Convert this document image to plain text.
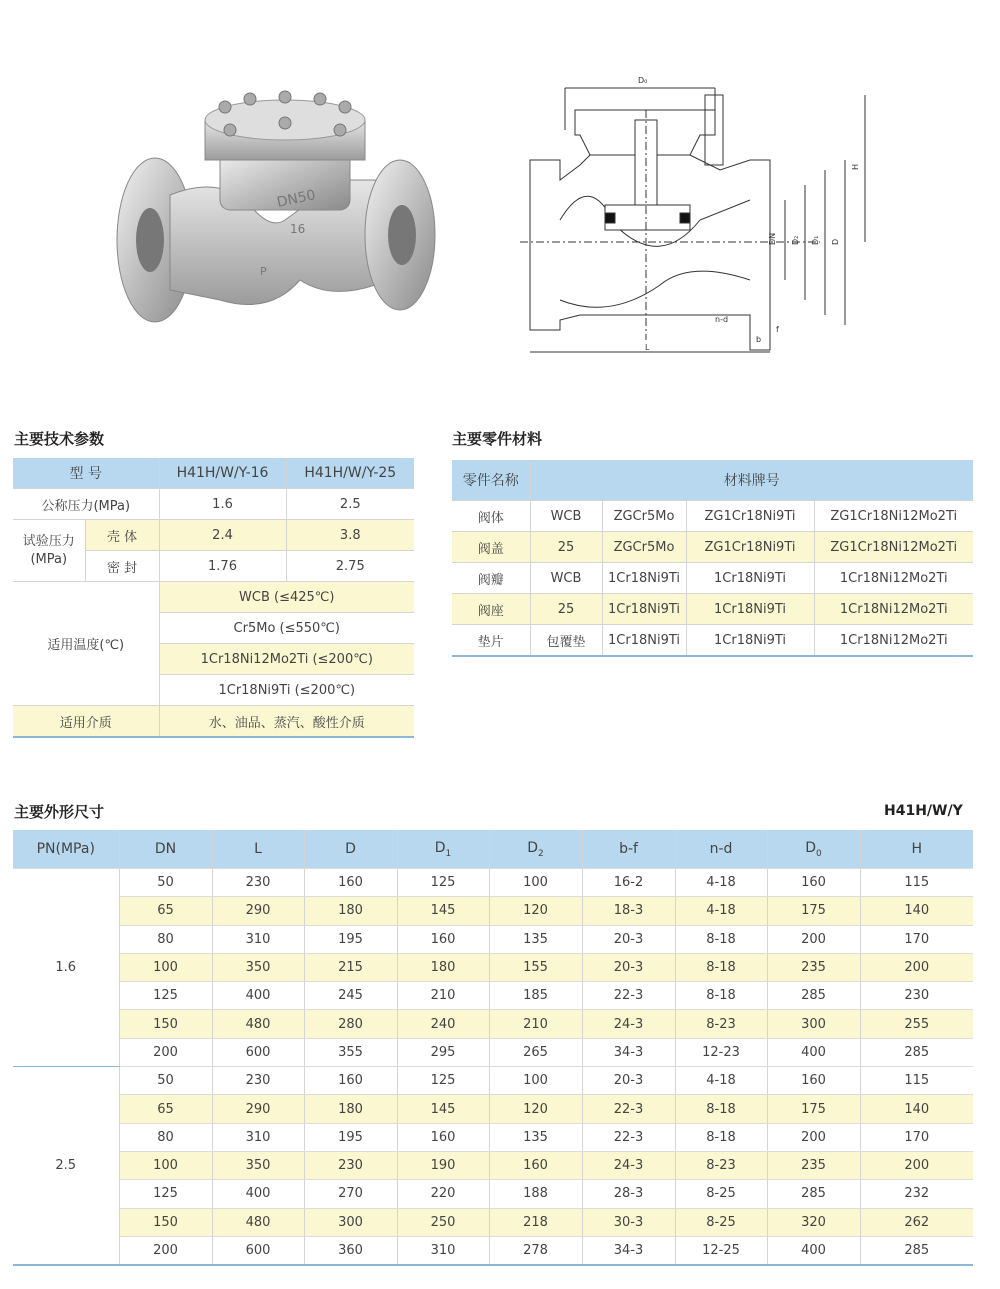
DN50
16
P
D₀
DN D₂ D₁ D
H
L
n-d
b
f
主要技术参数	主要零件材料
主要外形尺寸	H41H/W/Y
型 号		H41H/W/Y-16	H41H/W/Y-25
公称压力(MPa)		1.6	2.5
试验压力
(MPa)	壳 体	2.4	3.8
	密 封	1.76	2.75
适用温度(℃)		WCB (≤425℃)	
		Cr5Mo (≤550℃)	
		1Cr18Ni12Mo2Ti (≤200℃)	
		1Cr18Ni9Ti (≤200℃)	
适用介质		水、油品、蒸汽、酸性介质	
零件名称	材料牌号			
阀体	WCB	ZGCr5Mo	ZG1Cr18Ni9Ti	ZG1Cr18Ni12Mo2Ti
阀盖	25	ZGCr5Mo	ZG1Cr18Ni9Ti	ZG1Cr18Ni12Mo2Ti
阀瓣	WCB	1Cr18Ni9Ti	1Cr18Ni9Ti	1Cr18Ni12Mo2Ti
阀座	25	1Cr18Ni9Ti	1Cr18Ni9Ti	1Cr18Ni12Mo2Ti
垫片	包覆垫	1Cr18Ni9Ti	1Cr18Ni9Ti	1Cr18Ni12Mo2Ti
PN(MPa)	DN	L	D	$D_1$	$D_2$	b-f	n-d	$D_0$	H
1.6	50	230	160	125	100	16-2	4-18	160	115
	65	290	180	145	120	18-3	4-18	175	140
	80	310	195	160	135	20-3	8-18	200	170
	100	350	215	180	155	20-3	8-18	235	200
	125	400	245	210	185	22-3	8-18	285	230
	150	480	280	240	210	24-3	8-23	300	255
	200	600	355	295	265	34-3	12-23	400	285
2.5	50	230	160	125	100	20-3	4-18	160	115
	65	290	180	145	120	22-3	8-18	175	140
	80	310	195	160	135	22-3	8-18	200	170
	100	350	230	190	160	24-3	8-23	235	200
	125	400	270	220	188	28-3	8-25	285	232
	150	480	300	250	218	30-3	8-25	320	262
	200	600	360	310	278	34-3	12-25	400	285
